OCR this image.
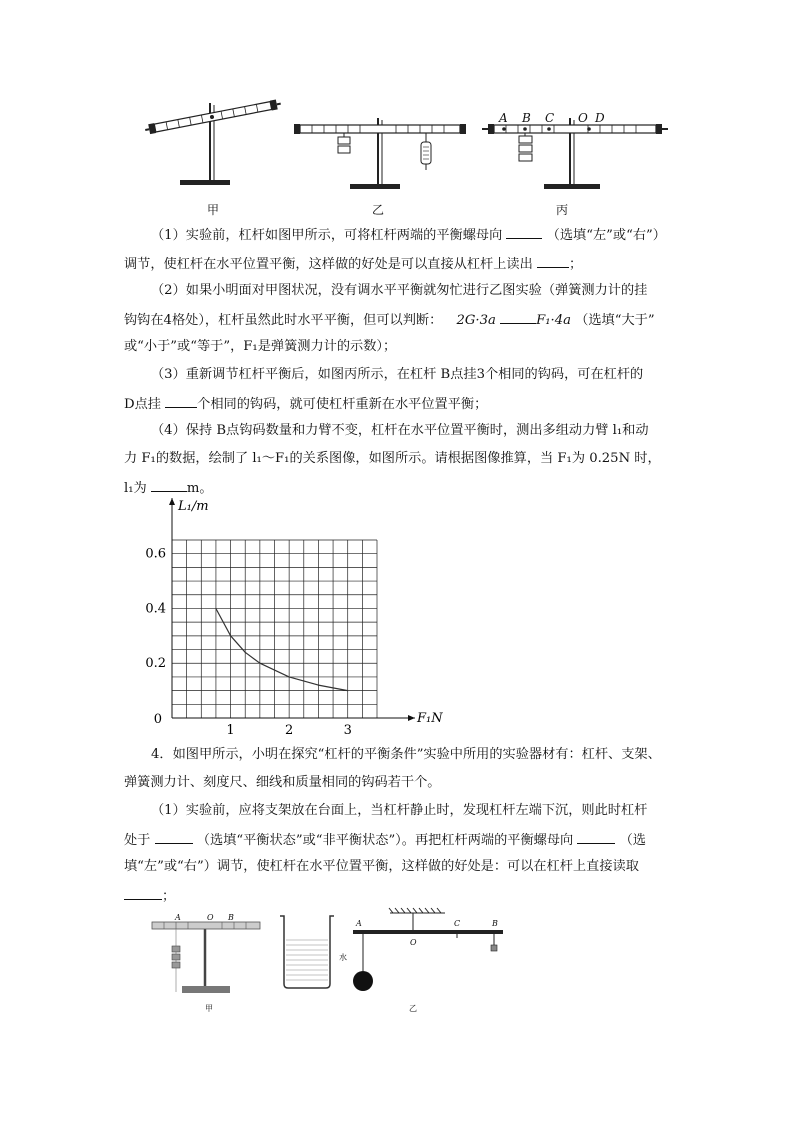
甲	乙
A B C O D
丙
（1）实验前，杠杆如图甲所示，可将杠杆两端的平衡螺母向	（选填“左”或“右”）
调节，使杠杆在水平位置平衡，这样做的好处是可以直接从杠杆上读出	；
（2）如果小明面对甲图状况，没有调水平平衡就匆忙进行乙图实验（弹簧测力计的挂
钩钩在4格处），杠杆虽然此时水平平衡，但可以判断： 2G·3a	F₁·4a （选填“大于”
或“小于”或“等于”，F₁是弹簧测力计的示数）；
（3）重新调节杠杆平衡后，如图丙所示，在杠杆 B点挂3个相同的钩码，可在杠杆的
D点挂	个相同的钩码，就可使杠杆重新在水平位置平衡；
（4）保持 B点钩码数量和力臂不变，杠杆在水平位置平衡时，测出多组动力臂 l₁和动
力 F₁的数据，绘制了 l₁～F₁的关系图像，如图所示。请根据图像推算，当 F₁为 0.25N 时，
l₁为	m。
1	2	3
0.2
0.4
0.6
0	F₁N
L₁/m
4．如图甲所示，小明在探究“杠杆的平衡条件”实验中所用的实验器材有：杠杆、支架、
弹簧测力计、刻度尺、细线和质量相同的钩码若干个。
（1）实验前，应将支架放在台面上，当杠杆静止时，发现杠杆左端下沉，则此时杠杆
处于	（选填“平衡状态”或“非平衡状态”）。再把杠杆两端的平衡螺母向	（选
填“左”或“右”）调节，使杠杆在水平位置平衡，这样做的好处是：可以在杠杆上直接读取
；
A	O B
甲
水
A
O
C	B
乙
